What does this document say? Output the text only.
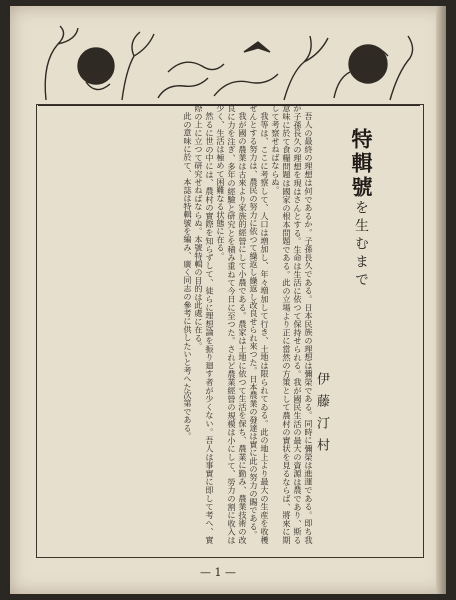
特輯號を生むまで
伊藤汀村

吾人の最終の理想は何であるか。子孫長久である。日本民族の理想は彌榮である。同時に彌榮は進運である。即ち我が子孫長久の理想を現はさんとする。生命は生活に依つて保持せられる。我が國民生活の最大の資源は農であり、斯る意味に於て食糧問題は國家の根本問題である。此の立場より正に當然の方策として農村の實状を見るならば、將來に期して考察せねばならぬ。

我等は、ここに考察して、人口は増加し、年々増加して行き、土地は限られてゐる。此の地上より最大の生産を收穫せんとする努力は、農民の努力に依つて繰返し繰返し改良せられ來つた。日本農業の發達は實に此の努力の賜である。

我が國の農業は古來より家族的經營にして小農である。農家は土地に依つて生活を保ち、農業に勤み、農業技術の改良に力を注ぎ、多年の經驗と研究とを積み重ねて今日に至つた。されど農業經營の規模は小にして、勞力の割に收入は少く、生活は極めて困難なる状態に在る。

然るに世の中には、農村の實際を知らずして、徒らに理想論を振り廻す者が少くない。吾人は事實に即して考へ、實際の上に立つて研究せねばならぬ。本號特輯の目的は此處に在る。

此の意味に於て、本誌は特輯號を編み、廣く同志の參考に供したいと考へた次第である。

— 1 —
